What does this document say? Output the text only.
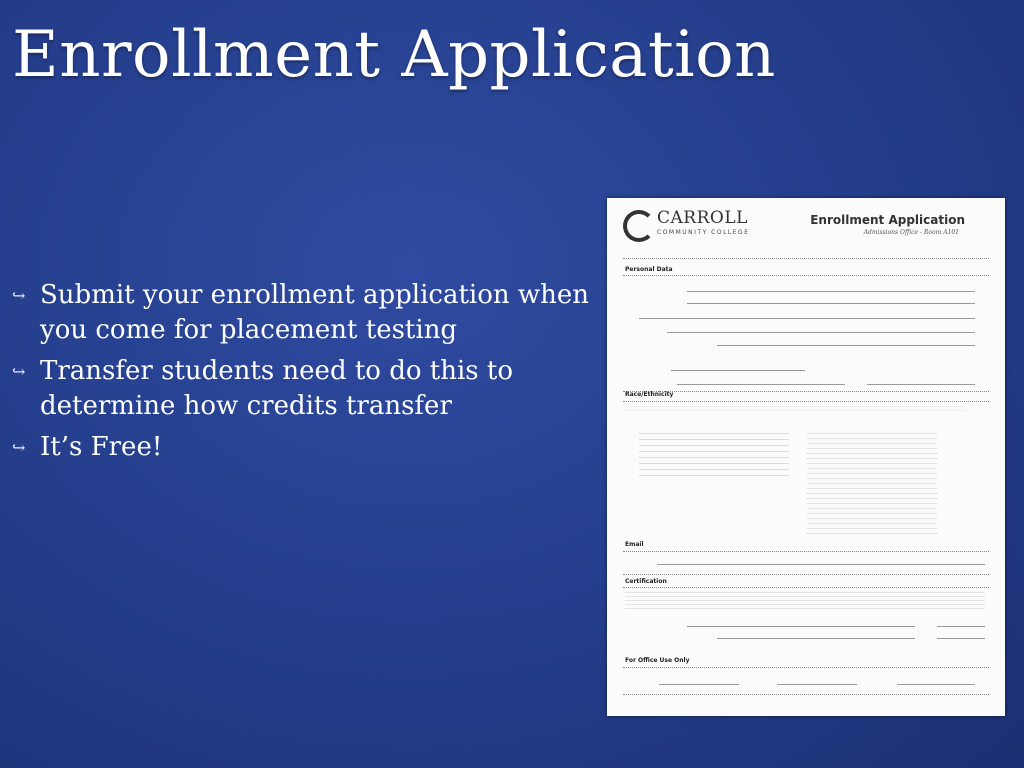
Enrollment Application
↪ Submit your enrollment application when you come for placement testing
↪ Transfer students need to do this to determine how credits transfer
↪ It’s Free!
CARROLL
COMMUNITY COLLEGE
Enrollment Application
Admissions Office - Room A101
Personal Data
Race/Ethnicity
Email
Certification
For Office Use Only
